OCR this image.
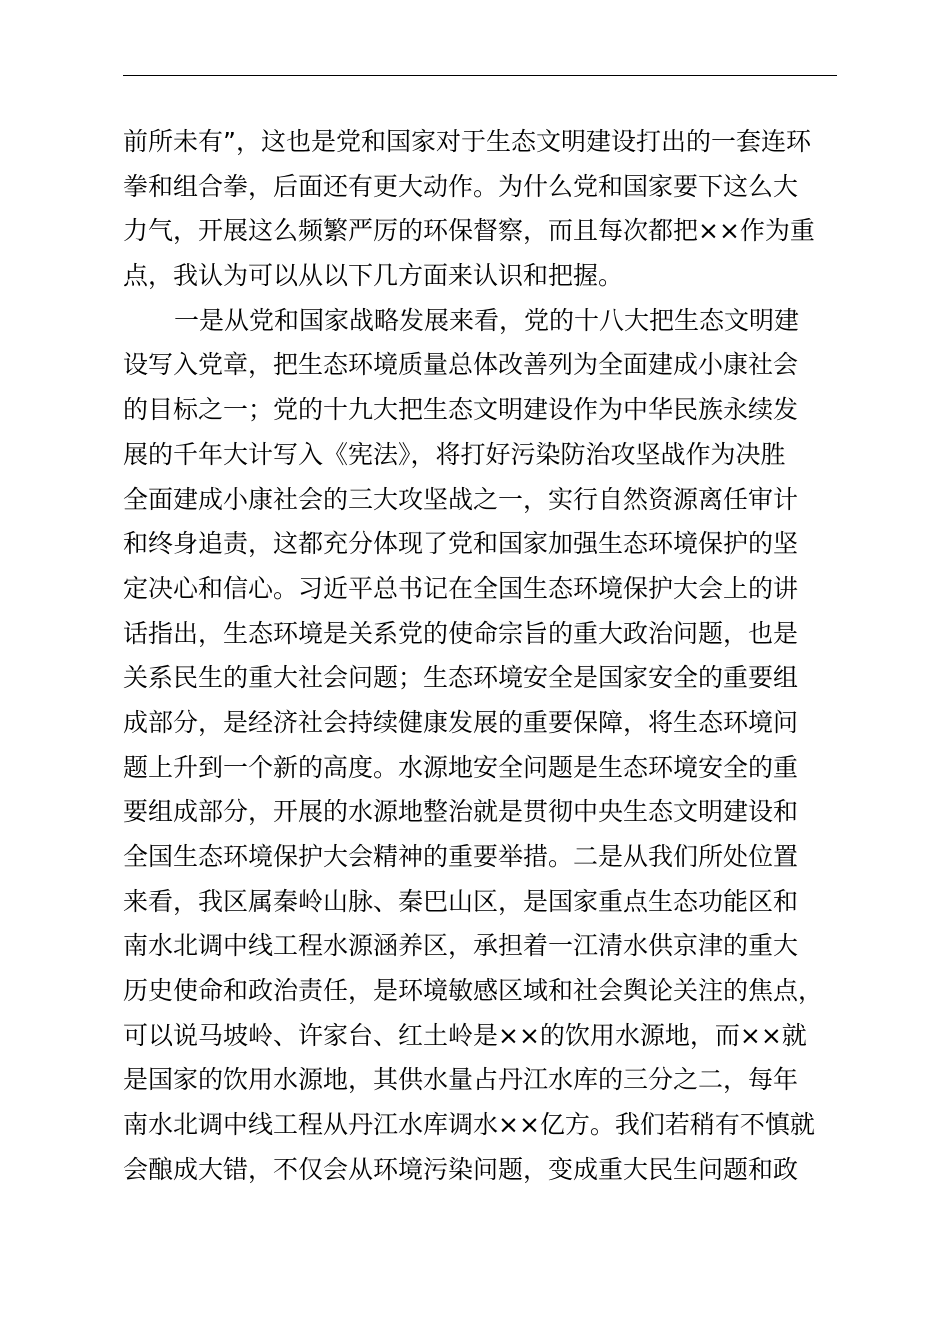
前所未有”，这也是党和国家对于生态文明建设打出的一套连环
拳和组合拳，后面还有更大动作。为什么党和国家要下这么大
力气，开展这么频繁严厉的环保督察，而且每次都把××作为重
点，我认为可以从以下几方面来认识和把握。
一是从党和国家战略发展来看，党的十八大把生态文明建
设写入党章，把生态环境质量总体改善列为全面建成小康社会
的目标之一；党的十九大把生态文明建设作为中华民族永续发
展的千年大计写入《宪法》，将打好污染防治攻坚战作为决胜
全面建成小康社会的三大攻坚战之一，实行自然资源离任审计
和终身追责，这都充分体现了党和国家加强生态环境保护的坚
定决心和信心。习近平总书记在全国生态环境保护大会上的讲
话指出，生态环境是关系党的使命宗旨的重大政治问题，也是
关系民生的重大社会问题；生态环境安全是国家安全的重要组
成部分，是经济社会持续健康发展的重要保障，将生态环境问
题上升到一个新的高度。水源地安全问题是生态环境安全的重
要组成部分，开展的水源地整治就是贯彻中央生态文明建设和
全国生态环境保护大会精神的重要举措。二是从我们所处位置
来看，我区属秦岭山脉、秦巴山区，是国家重点生态功能区和
南水北调中线工程水源涵养区，承担着一江清水供京津的重大
历史使命和政治责任，是环境敏感区域和社会舆论关注的焦点，
可以说马坡岭、许家台、红土岭是××的饮用水源地，而××就
是国家的饮用水源地，其供水量占丹江水库的三分之二，每年
南水北调中线工程从丹江水库调水××亿方。我们若稍有不慎就
会酿成大错，不仅会从环境污染问题，变成重大民生问题和政
